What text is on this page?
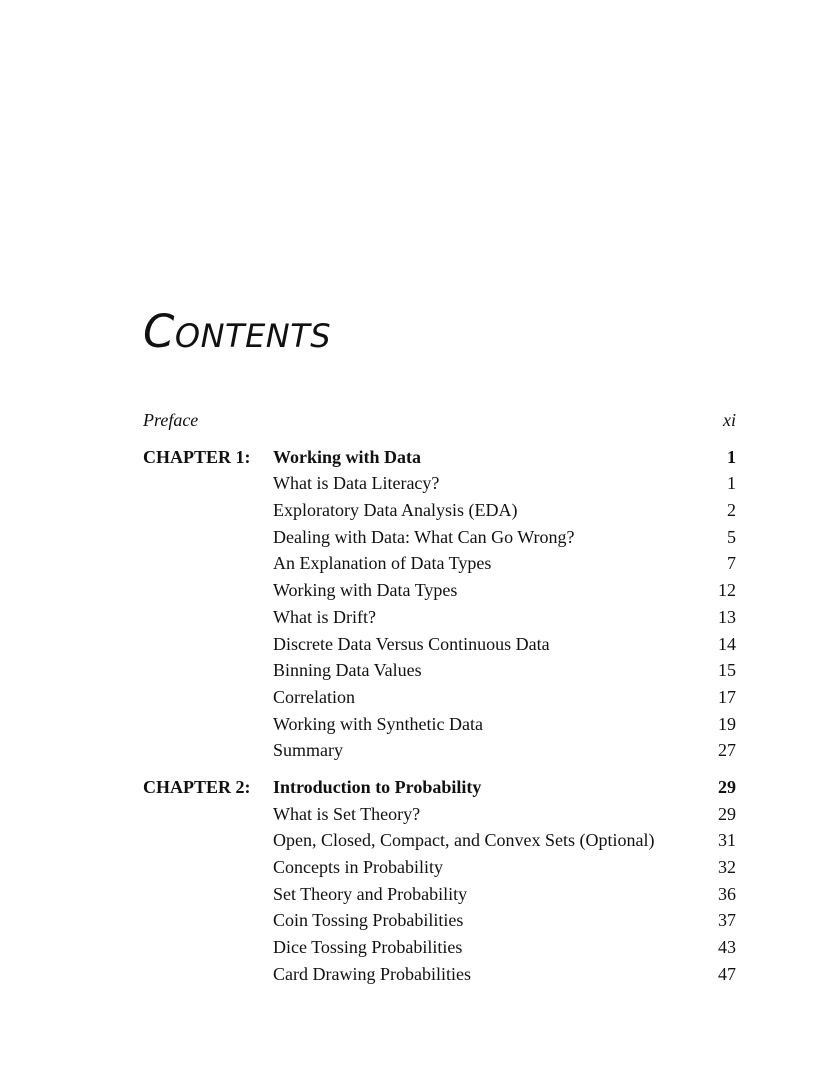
Contents
Preface	xi
CHAPTER 1: Working with Data	1
What is Data Literacy?	1
Exploratory Data Analysis (EDA)	2
Dealing with Data: What Can Go Wrong?	5
An Explanation of Data Types	7
Working with Data Types	12
What is Drift?	13
Discrete Data Versus Continuous Data	14
Binning Data Values	15
Correlation	17
Working with Synthetic Data	19
Summary	27
CHAPTER 2: Introduction to Probability	29
What is Set Theory?	29
Open, Closed, Compact, and Convex Sets (Optional)	31
Concepts in Probability	32
Set Theory and Probability	36
Coin Tossing Probabilities	37
Dice Tossing Probabilities	43
Card Drawing Probabilities	47
